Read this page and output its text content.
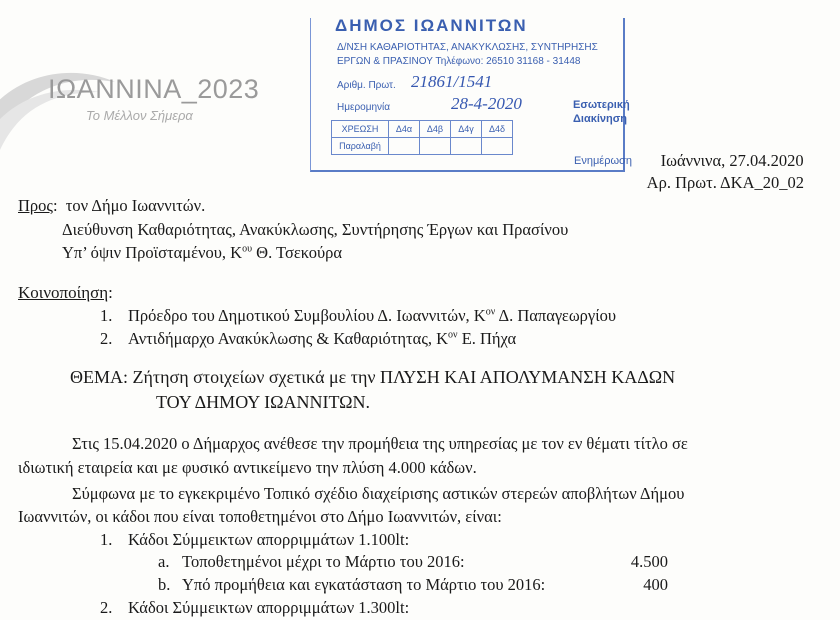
ΙΩΑΝΝΙΝΑ_2023
Το Μέλλον Σήμερα
ΔΗΜΟΣ ΙΩΑΝΝΙΤΩΝ
Δ/ΝΣΗ ΚΑΘΑΡΙΟΤΗΤΑΣ, ΑΝΑΚΥΚΛΩΣΗΣ, ΣΥΝΤΗΡΗΣΗΣ
ΕΡΓΩΝ & ΠΡΑΣΙΝΟΥ Τηλέφωνο: 26510 31168 - 31448
Αριθμ. Πρωτ. 21861/1541
Ημερομηνία	28-4-2020	Εσωτερική Διακίνηση
ΧΡΕΩΣΗ	Δ4α	Δ4β	Δ4γ	Δ4δ
Παραλαβή				
Ενημέρωση	Ιωάννινα, 27.04.2020
Αρ. Πρωτ. ΔΚΑ_20_02
Προς:  τον Δήμο Ιωαννιτών.
Διεύθυνση Καθαριότητας, Ανακύκλωσης, Συντήρησης Έργων και Πρασίνου
Υπ’ όψιν Προϊσταμένου, $K^{o\upsilon}$ Θ. Τσεκούρα
Κοινοποίηση:
1. Πρόεδρο του Δημοτικού Συμβουλίου Δ. Ιωαννιτών, $K^{o\nu}$ Δ. Παπαγεωργίου
2. Αντιδήμαρχο Ανακύκλωσης & Καθαριότητας, $K^{o\nu}$ Ε. Πήχα
ΘΕΜΑ: Ζήτηση στοιχείων σχετικά με την ΠΛΥΣΗ ΚΑΙ ΑΠΟΛΥΜΑΝΣΗ ΚΑΔΩΝ
ΤΟΥ ΔΗΜΟΥ ΙΩΑΝΝΙΤΩΝ.
Στις 15.04.2020 ο Δήμαρχος ανέθεσε την προμήθεια της υπηρεσίας με τον εν θέματι τίτλο σε
ιδιωτική εταιρεία και με φυσικό αντικείμενο την πλύση 4.000 κάδων.
Σύμφωνα με το εγκεκριμένο Τοπικό σχέδιο διαχείρισης αστικών στερεών αποβλήτων Δήμου
Ιωαννιτών, οι κάδοι που είναι τοποθετημένοι στο Δήμο Ιωαννιτών, είναι:
1. Κάδοι Σύμμεικτων απορριμμάτων 1.100lt:
a. Τοποθετημένοι μέχρι το Μάρτιο του 2016:	4.500
b. Υπό προμήθεια και εγκατάσταση το Μάρτιο του 2016:	400
2. Κάδοι Σύμμεικτων απορριμμάτων 1.300lt:
